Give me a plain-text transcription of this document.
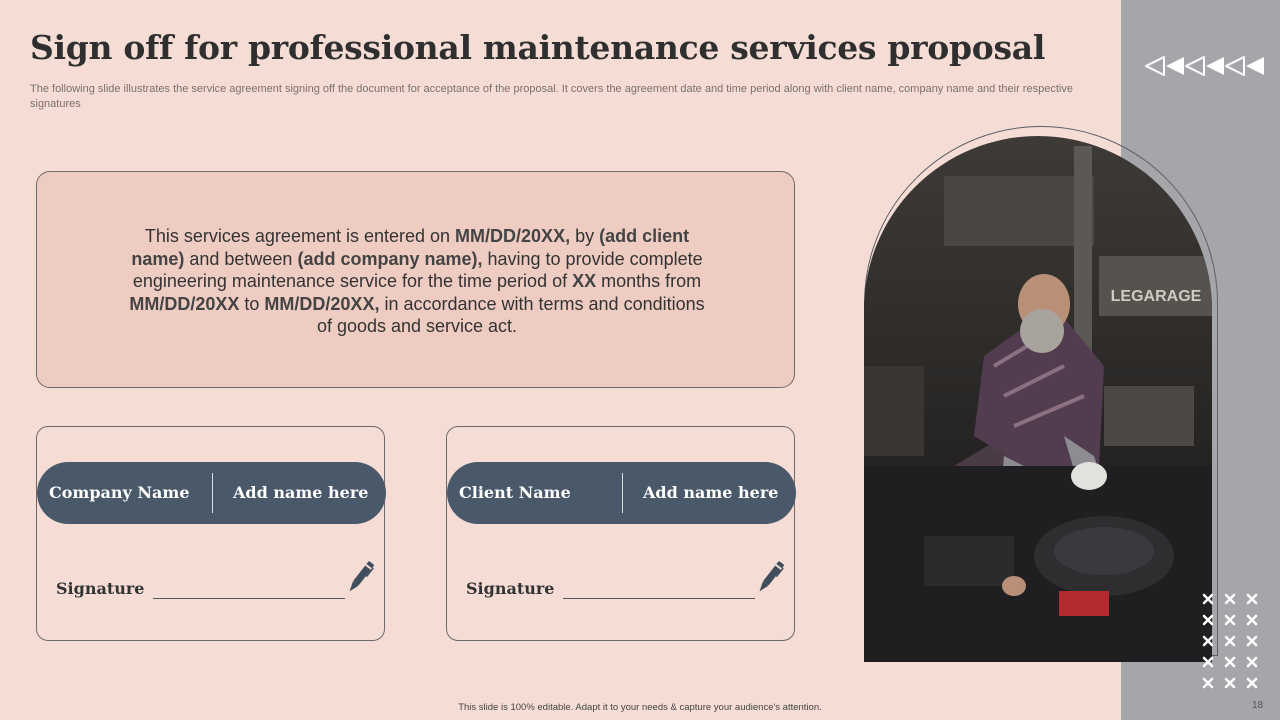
Sign off for professional maintenance services proposal
The following slide illustrates the service agreement signing off the document for acceptance of the proposal. It covers the agreement date and time period along with client name, company name and their respective signatures

This services agreement is entered on MM/DD/20XX, by (add client name) and between (add company name), having to provide complete engineering maintenance service for the time period of XX months from MM/DD/20XX to MM/DD/20XX, in accordance with terms and conditions of goods and service act.

Company Name	Add name here

Signature

Client Name	Add name here

Signature

LEGARAGE
This slide is 100% editable. Adapt it to your needs & capture your audience's attention.	18
